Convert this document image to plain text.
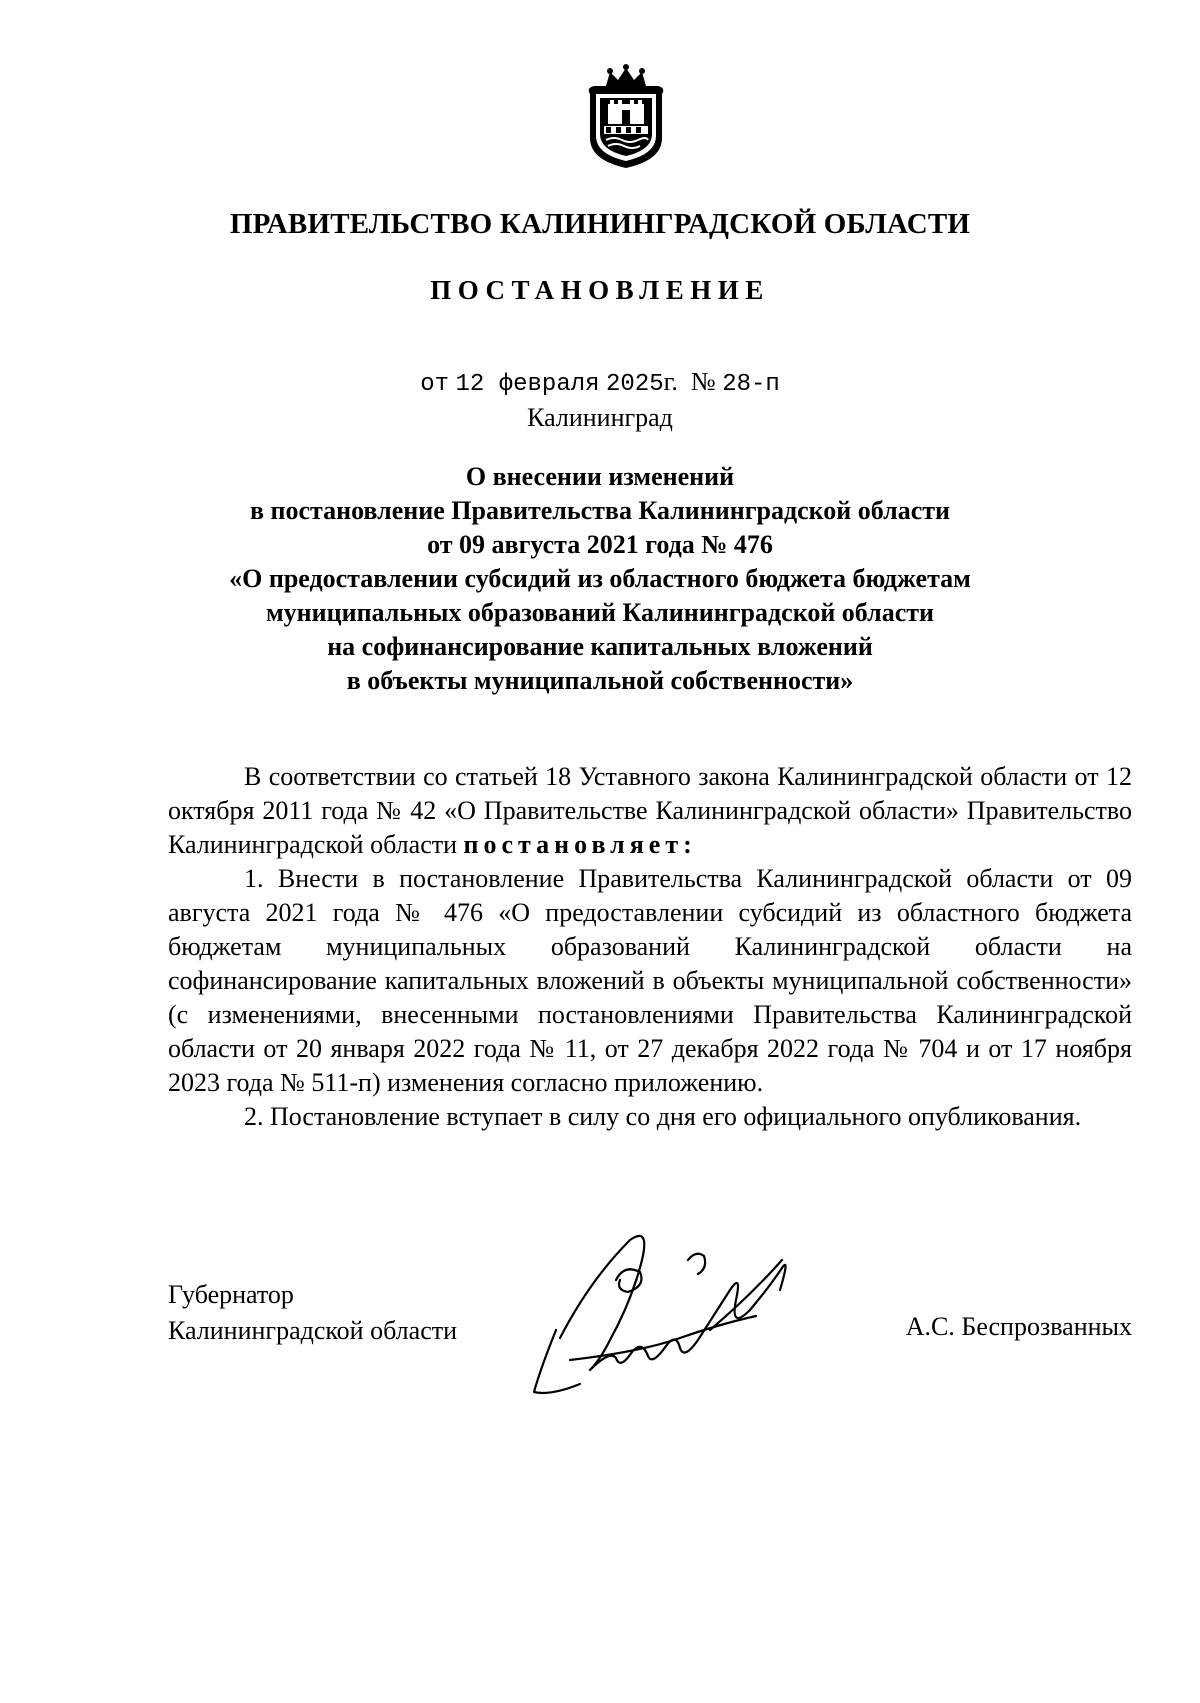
ПРАВИТЕЛЬСТВО КАЛИНИНГРАДСКОЙ ОБЛАСТИ
ПОСТАНОВЛЕНИЕ
от 12 февраля 2025г. № 28-п
Калининград
О внесении изменений
в постановление Правительства Калининградской области
от 09 августа 2021 года № 476
«О предоставлении субсидий из областного бюджета бюджетам
муниципальных образований Калининградской области
на софинансирование капитальных вложений
в объекты муниципальной собственности»

В соответствии со статьей 18 Уставного закона Калининградской области от 12 октября 2011 года № 42 «О Правительстве Калининградской области» Правительство Калининградской области постановляет:

1. Внести в постановление Правительства Калининградской области от 09 августа 2021 года № 476 «О предоставлении субсидий из областного бюджета бюджетам муниципальных образований Калининградской области на софинансирование капитальных вложений в объекты муниципальной собственности» (с изменениями, внесенными постановлениями Правительства Калининградской области от 20 января 2022 года № 11, от 27 декабря 2022 года № 704 и от 17 ноября 2023 года № 511-п) изменения согласно приложению.

2. Постановление вступает в силу со дня его официального опубликования.

Губернатор
Калининградской области	А.С. Беспрозванных
